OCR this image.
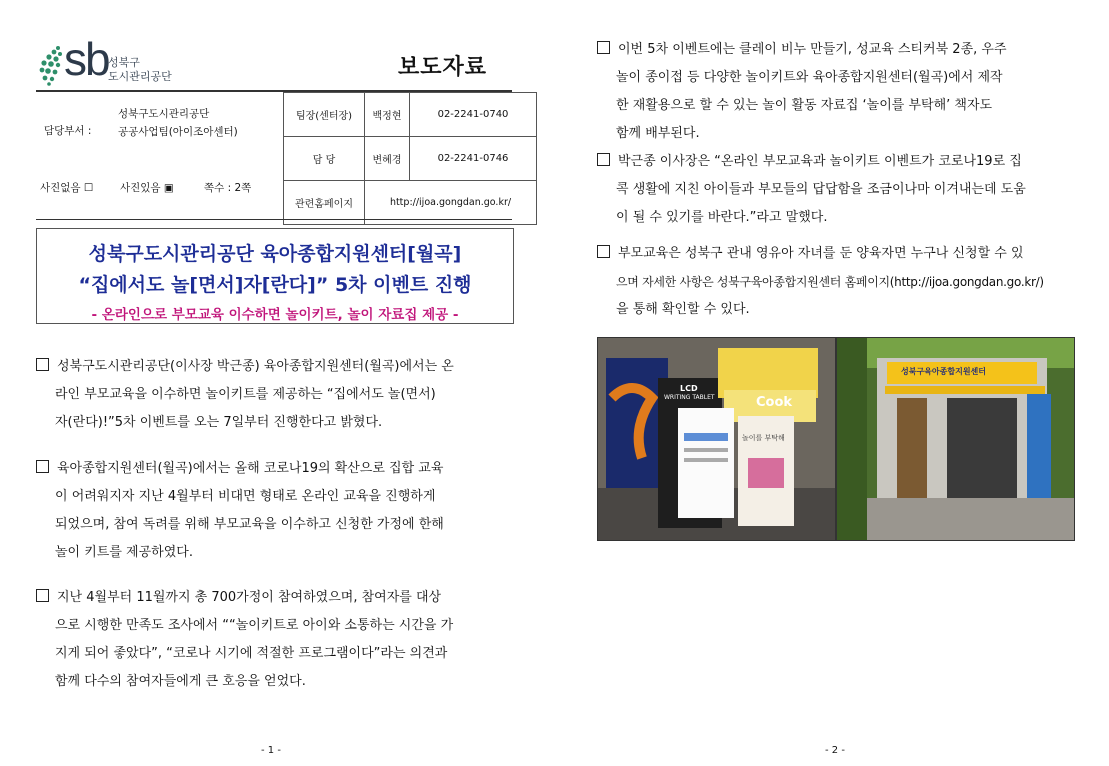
sb 성북구
도시관리공단	보도자료
담당부서 :
성북구도시관리공단
공공사업팀(아이조아센터)
팀장(센터장)	백정현	02-2241-0740
담 당	변혜경	02-2241-0746
관련홈페이지	http://ijoa.gongdan.go.kr/	
사진없음 ☐	사진있음 ▣	쪽수 : 2쪽
성북구도시관리공단 육아종합지원센터[월곡]
“집에서도 놀[면서]자[란다]” 5차 이벤트 진행
- 온라인으로 부모교육 이수하면 놀이키트, 놀이 자료집 제공 -
성북구도시관리공단(이사장 박근종) 육아종합지원센터(월곡)에서는 온
라인 부모교육을 이수하면 놀이키트를 제공하는 “집에서도 놀(면서)
자(란다)!”5차 이벤트를 오는 7일부터 진행한다고 밝혔다.
육아종합지원센터(월곡)에서는 올해 코로나19의 확산으로 집합 교육
이 어려워지자 지난 4월부터 비대면 형태로 온라인 교육을 진행하게
되었으며, 참여 독려를 위해 부모교육을 이수하고 신청한 가정에 한해
놀이 키트를 제공하였다.
지난 4월부터 11월까지 총 700가정이 참여하였으며, 참여자를 대상
으로 시행한 만족도 조사에서 ““놀이키트로 아이와 소통하는 시간을 가
지게 되어 좋았다”, “코로나 시기에 적절한 프로그램이다”라는 의견과
함께 다수의 참여자들에게 큰 호응을 얻었다.
- 1 -
이번 5차 이벤트에는 클레이 비누 만들기, 성교육 스티커북 2종, 우주
놀이 종이접 등 다양한 놀이키트와 육아종합지원센터(월곡)에서 제작
한 재활용으로 할 수 있는 놀이 활동 자료집 ‘놀이를 부탁해’ 책자도
함께 배부된다.
박근종 이사장은 “온라인 부모교육과 놀이키트 이벤트가 코로나19로 집
콕 생활에 지친 아이들과 부모들의 답답함을 조금이나마 이겨내는데 도움
이 될 수 있기를 바란다.”라고 말했다.
부모교육은 성북구 관내 영유아 자녀를 둔 양육자면 누구나 신청할 수 있
으며 자세한 사항은 성북구육아종합지원센터 홈페이지(http://ijoa.gongdan.go.kr/)
을 통해 확인할 수 있다.
LCD
WRITING TABLET	Cook
놀이를 부탁해
성북구육아종합지원센터
- 2 -
